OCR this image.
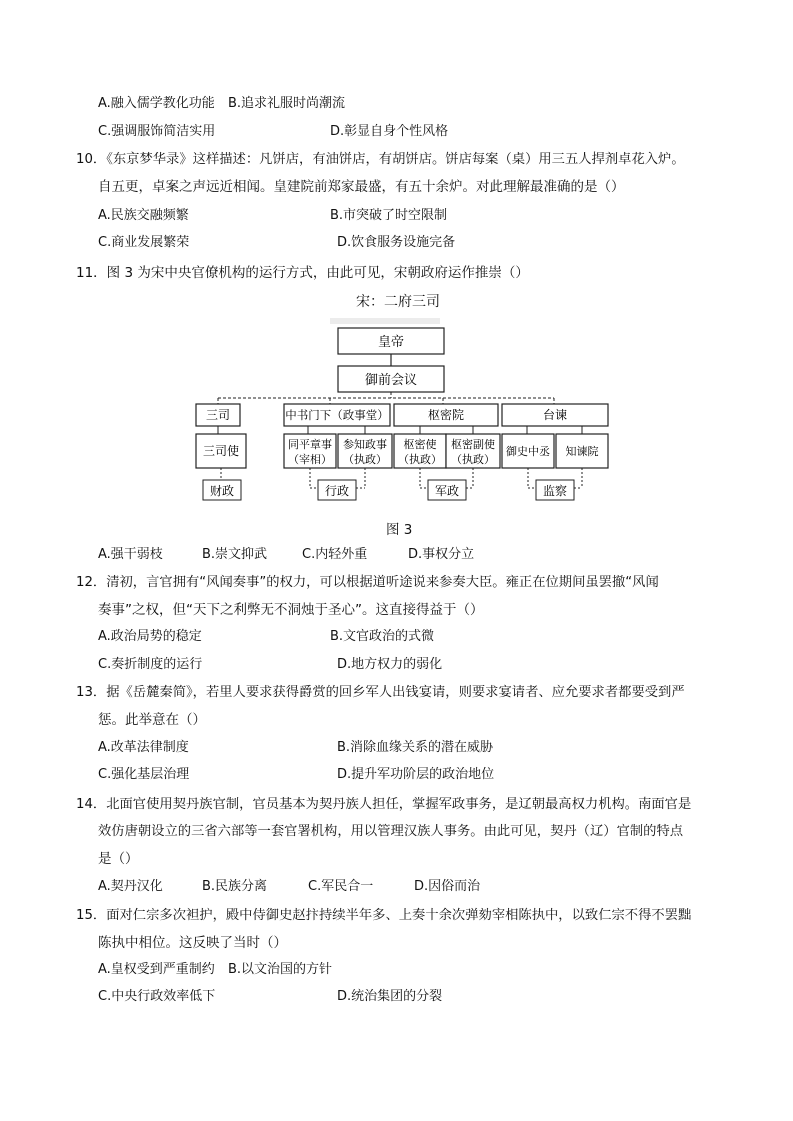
A.融入儒学教化功能 B.追求礼服时尚潮流
C.强调服饰简洁实用	D.彰显自身个性风格
10．《东京梦华录》这样描述：凡饼店，有油饼店，有胡饼店。饼店每案（桌）用三五人捍剂卓花入炉。
自五更，卓案之声远近相闻。皇建院前郑家最盛，有五十余炉。对此理解最准确的是（）
A.民族交融频繁	B.市突破了时空限制
C.商业发展繁荣	D.饮食服务设施完备
11．图 3 为宋中央官僚机构的运行方式，由此可见，宋朝政府运作推崇（）
宋：二府三司
皇帝
御前会议
三司	中书门下（政事堂）	枢密院	台谏
三司使	同平章事
（宰相）
参知政事
（执政）
枢密使
（执政）
枢密副使
（执政）
御史中丞 知谏院
财政	行政	军政	监察
图 3
A.强干弱枝	B.崇文抑武	C.内轻外重	D.事权分立
12．清初，言官拥有“风闻奏事”的权力，可以根据道听途说来参奏大臣。雍正在位期间虽罢撤“风闻
奏事”之权，但“天下之利弊无不洞烛于圣心”。这直接得益于（）
A.政治局势的稳定	B.文官政治的式微
C.奏折制度的运行	D.地方权力的弱化
13．据《岳麓秦简》，若里人要求获得爵赏的回乡军人出钱宴请，则要求宴请者、应允要求者都要受到严
惩。此举意在（）
A.改革法律制度	B.消除血缘关系的潜在威胁
C.强化基层治理	D.提升军功阶层的政治地位
14．北面官使用契丹族官制，官员基本为契丹族人担任，掌握军政事务，是辽朝最高权力机构。南面官是
效仿唐朝设立的三省六部等一套官署机构，用以管理汉族人事务。由此可见，契丹（辽）官制的特点
是（）
A.契丹汉化	B.民族分离	C.军民合一	D.因俗而治
15．面对仁宗多次袒护，殿中侍御史赵抃持续半年多、上奏十余次弹劾宰相陈执中，以致仁宗不得不罢黜
陈执中相位。这反映了当时（）
A.皇权受到严重制约 B.以文治国的方针
C.中央行政效率低下	D.统治集团的分裂
